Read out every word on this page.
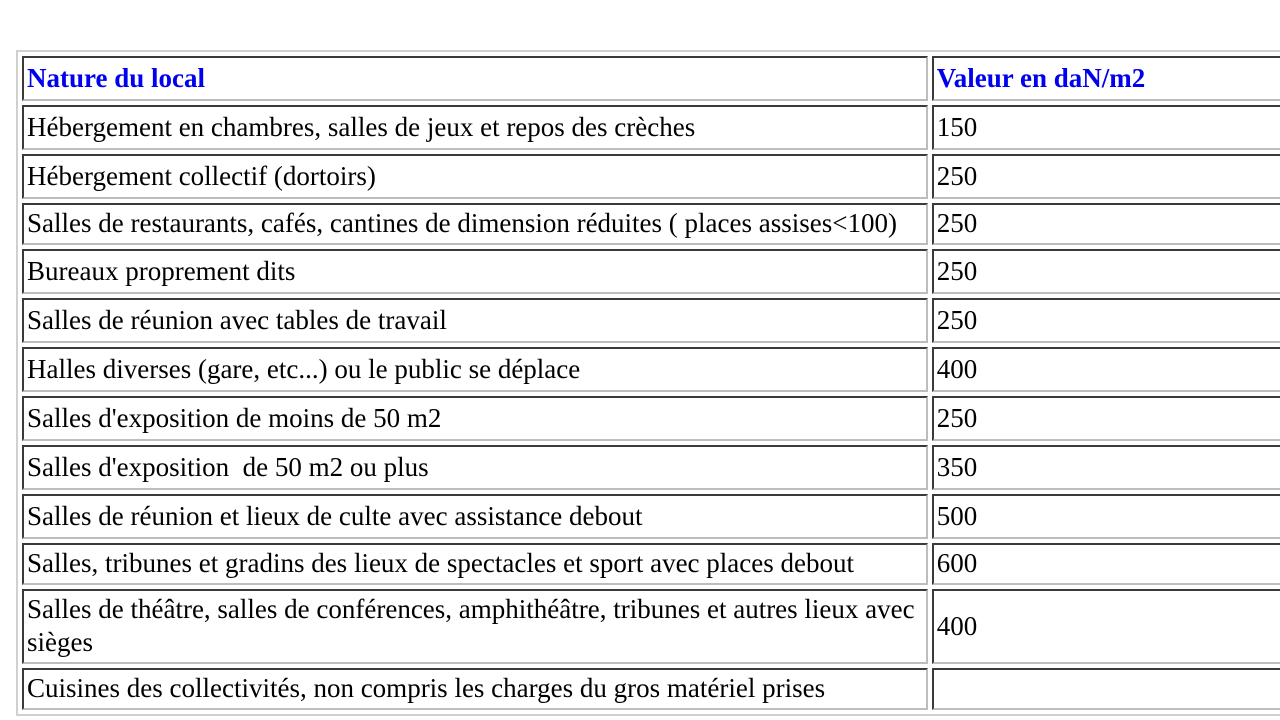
Nature du local	Valeur en daN/m2
Hébergement en chambres, salles de jeux et repos des crèches	150
Hébergement collectif (dortoirs)	250
Salles de restaurants, cafés, cantines de dimension réduites ( places assises<100)	250
Bureaux proprement dits	250
Salles de réunion avec tables de travail	250
Halles diverses (gare, etc...) ou le public se déplace	400
Salles d'exposition de moins de 50 m2	250
Salles d'exposition  de 50 m2 ou plus	350
Salles de réunion et lieux de culte avec assistance debout	500
Salles, tribunes et gradins des lieux de spectacles et sport avec places debout	600
Salles de théâtre, salles de conférences, amphithéâtre, tribunes et autres lieux avec sièges	400
Cuisines des collectivités, non compris les charges du gros matériel prises	
